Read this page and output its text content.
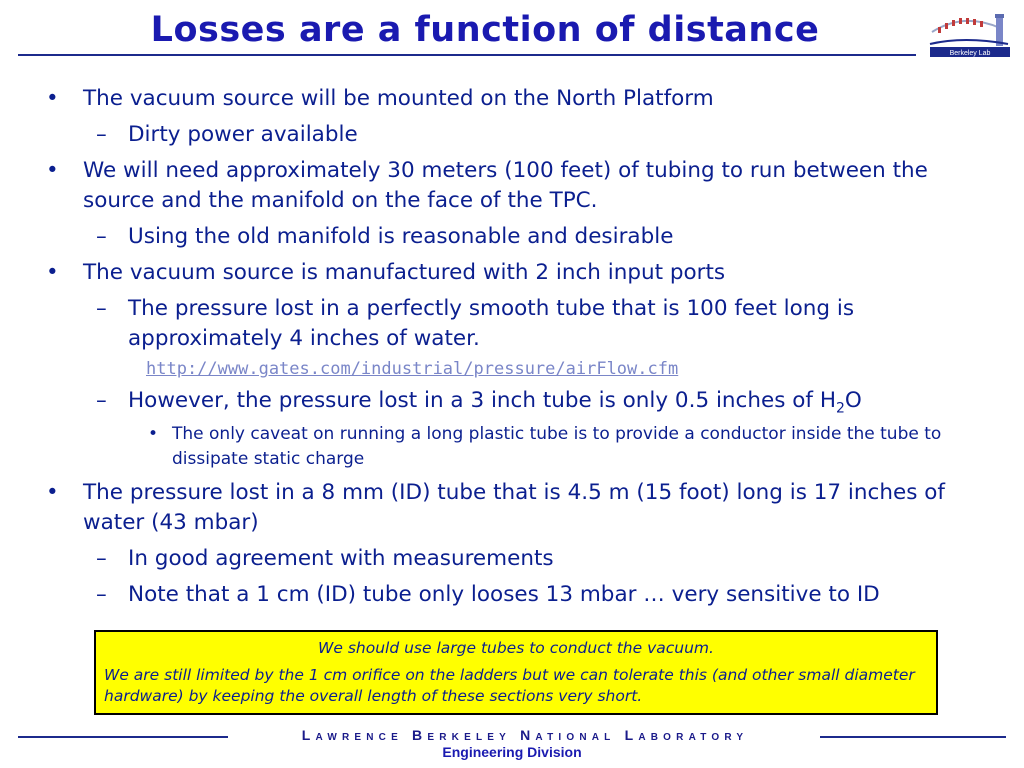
Losses are a function of distance
Berkeley Lab
• The vacuum source will be mounted on the North Platform
– Dirty power available
• We will need approximately 30 meters (100 feet) of tubing to run between the source and the manifold on the face of the TPC.
– Using the old manifold is reasonable and desirable
• The vacuum source is manufactured with 2 inch input ports
– The pressure lost in a perfectly smooth tube that is 100 feet long is approximately 4 inches of water.
http://www.gates.com/industrial/pressure/airFlow.cfm
– However, the pressure lost in a 3 inch tube is only 0.5 inches of $H_2O$
• The only caveat on running a long plastic tube is to provide a conductor inside the tube to dissipate static charge
• The pressure lost in a 8 mm (ID) tube that is 4.5 m (15 foot) long is 17 inches of water (43 mbar)
– In good agreement with measurements
– Note that a 1 cm (ID) tube only looses 13 mbar … very sensitive to ID
We should use large tubes to conduct the vacuum.
We are still limited by the 1 cm orifice on the ladders but we can tolerate this (and other small diameter hardware) by keeping the overall length of these sections very short.
Lawrence Berkeley National Laboratory
Engineering Division
